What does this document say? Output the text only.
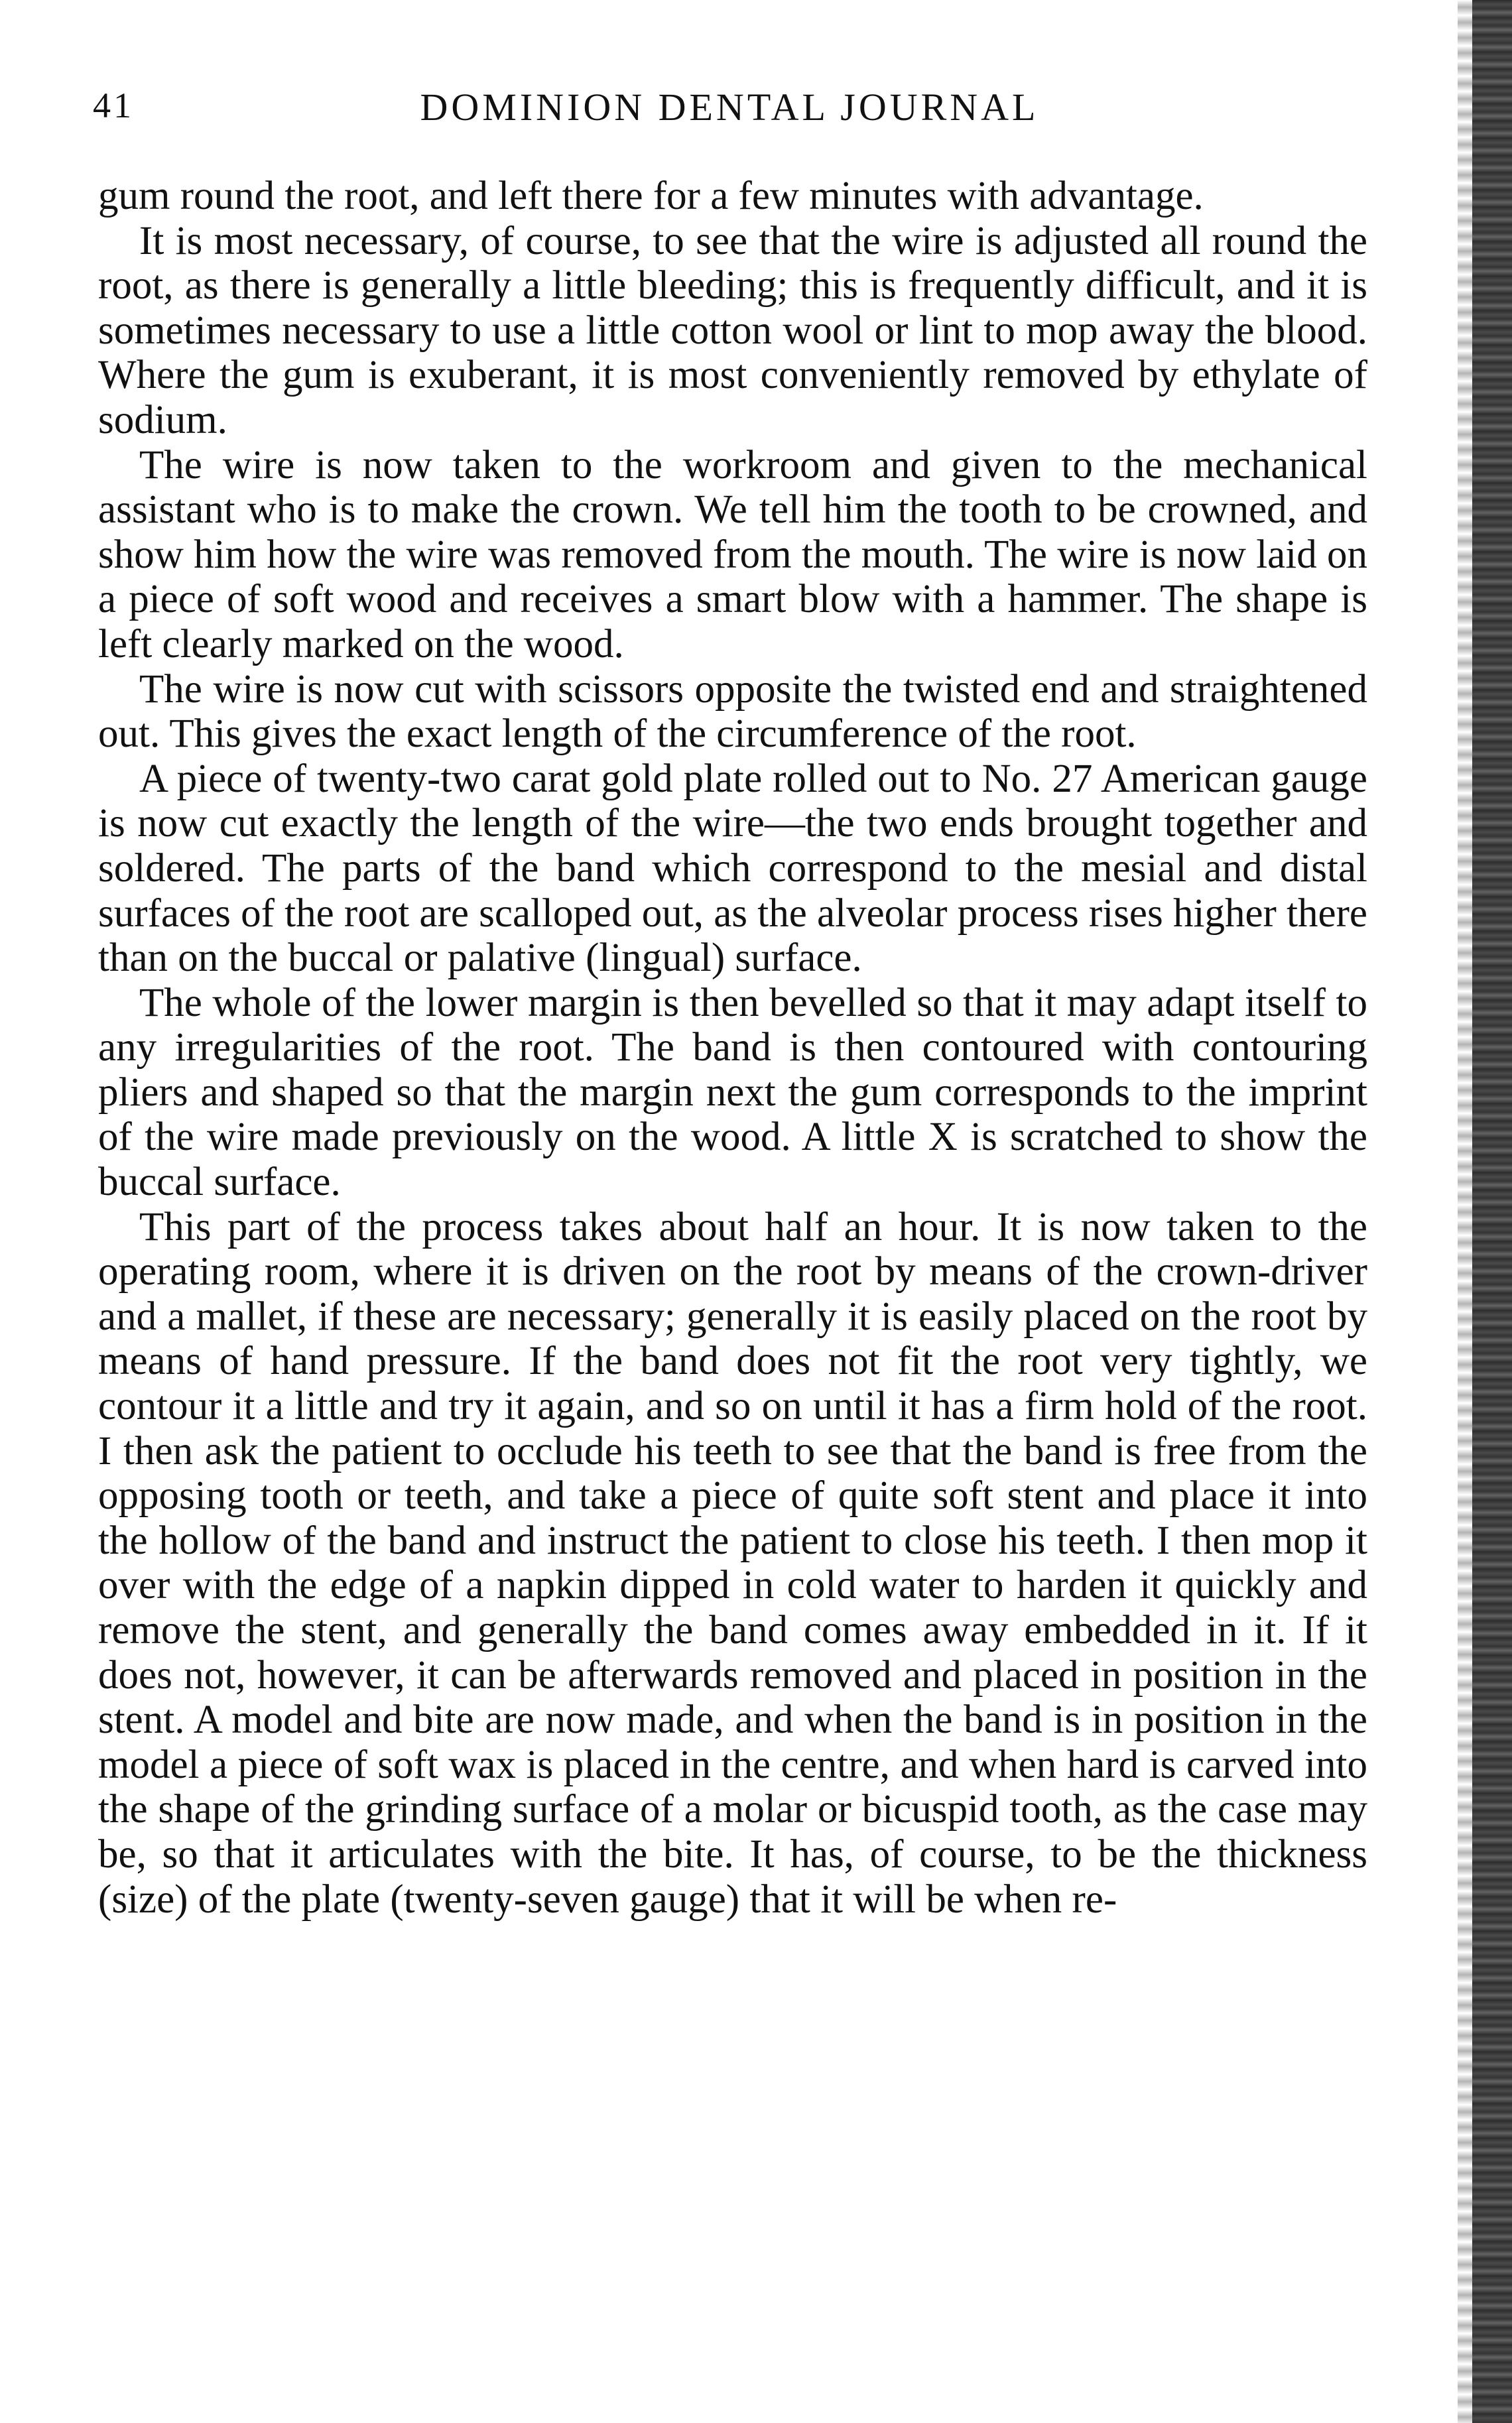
41	DOMINION DENTAL JOURNAL

gum round the root, and left there for a few minutes with advantage.

It is most necessary, of course, to see that the wire is adjusted all round the root, as there is generally a little bleeding; this is frequently difficult, and it is sometimes necessary to use a little cotton wool or lint to mop away the blood. Where the gum is exuberant, it is most conveniently removed by ethylate of sodium.

The wire is now taken to the workroom and given to the mechanical assistant who is to make the crown. We tell him the tooth to be crowned, and show him how the wire was removed from the mouth. The wire is now laid on a piece of soft wood and receives a smart blow with a hammer. The shape is left clearly marked on the wood.

The wire is now cut with scissors opposite the twisted end and straightened out. This gives the exact length of the circumference of the root.

A piece of twenty-two carat gold plate rolled out to No. 27 American gauge is now cut exactly the length of the wire—the two ends brought together and soldered. The parts of the band which correspond to the mesial and distal surfaces of the root are scalloped out, as the alveolar process rises higher there than on the buccal or palative (lingual) surface.

The whole of the lower margin is then bevelled so that it may adapt itself to any irregularities of the root. The band is then contoured with contouring pliers and shaped so that the margin next the gum corresponds to the imprint of the wire made previously on the wood. A little X is scratched to show the buccal surface.

This part of the process takes about half an hour. It is now taken to the operating room, where it is driven on the root by means of the crown-driver and a mallet, if these are necessary; generally it is easily placed on the root by means of hand pressure. If the band does not fit the root very tightly, we contour it a little and try it again, and so on until it has a firm hold of the root. I then ask the patient to occlude his teeth to see that the band is free from the opposing tooth or teeth, and take a piece of quite soft stent and place it into the hollow of the band and instruct the patient to close his teeth. I then mop it over with the edge of a napkin dipped in cold water to harden it quickly and remove the stent, and generally the band comes away embedded in it. If it does not, however, it can be afterwards removed and placed in position in the stent. A model and bite are now made, and when the band is in position in the model a piece of soft wax is placed in the centre, and when hard is carved into the shape of the grinding surface of a molar or bicuspid tooth, as the case may be, so that it articulates with the bite. It has, of course, to be the thickness (size) of the plate (twenty-seven gauge) that it will be when re-
